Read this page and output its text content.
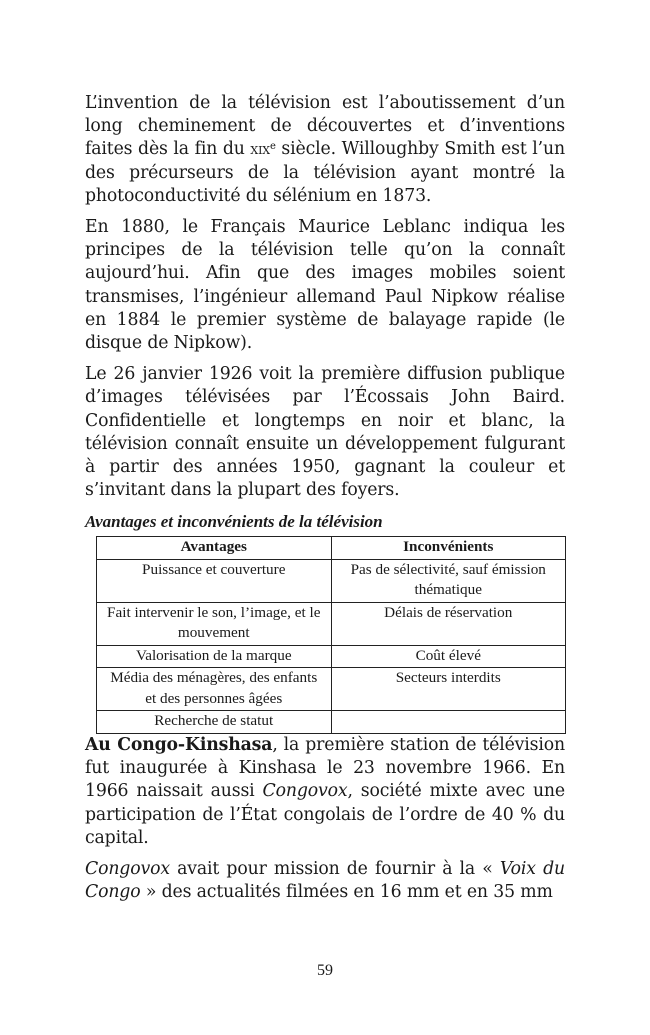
L’invention de la télévision est l’aboutissement d’un long cheminement de découvertes et d’inventions faites dès la fin du xix$^e$ siècle. Willoughby Smith est l’un des précurseurs de la télévision ayant montré la photoconductivité du sélénium en 1873.

En 1880, le Français Maurice Leblanc indiqua les principes de la télévision telle qu’on la connaît aujourd’hui. Afin que des images mobiles soient transmises, l’ingénieur allemand Paul Nipkow réalise en 1884 le premier système de balayage rapide (le disque de Nipkow).

Le 26 janvier 1926 voit la première diffusion publique d’images télévisées par l’Écossais John Baird. Confidentielle et longtemps en noir et blanc, la télévision connaît ensuite un développement fulgurant à partir des années 1950, gagnant la couleur et s’invitant dans la plupart des foyers.

Avantages et inconvénients de la télévision
Avantages	Inconvénients
Puissance et couverture	Pas de sélectivité, sauf émission thématique
Fait intervenir le son, l’image, et le mouvement	Délais de réservation
Valorisation de la marque	Coût élevé
Média des ménagères, des enfants et des personnes âgées	Secteurs interdits
Recherche de statut	

Au Congo-Kinshasa, la première station de télévision fut inaugurée à Kinshasa le 23 novembre 1966. En 1966 naissait aussi Congovox, société mixte avec une participation de l’État congolais de l’ordre de 40 % du capital.

Congovox avait pour mission de fournir à la « Voix du Congo » des actualités filmées en 16 mm et en 35 mm

59
